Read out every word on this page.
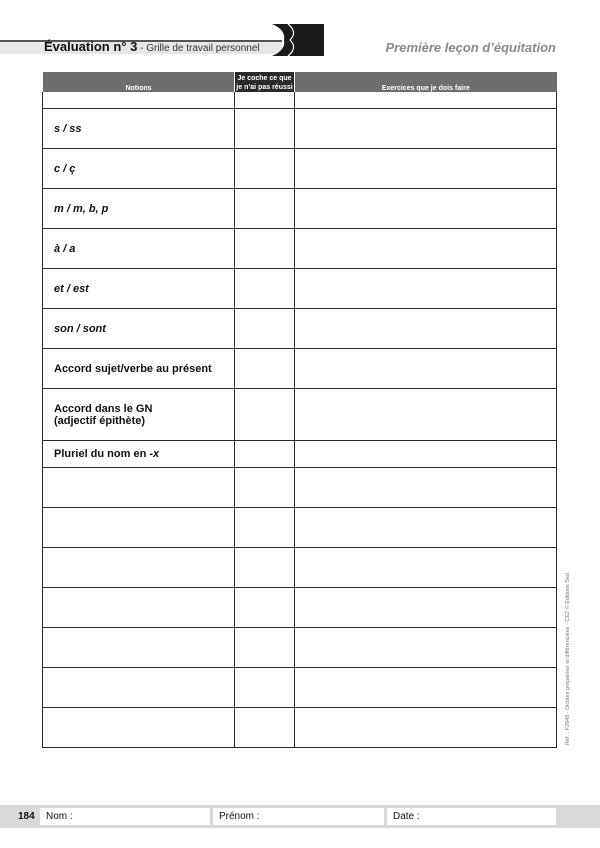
Évaluation n° 3 - Grille de travail personnel	Première leçon d’équitation
Notions	Je coche ce que je n’ai pas réussi	Exercices que je dois faire

s / ss		
c / ç		
m / m, b, p		
à / a		
et / est		
son / sont		
Accord sujet/verbe au présent		
Accord dans le GN
(adjectif épithète)		
Pluriel du nom en -x		

Réf. : F2848 - Dictées préparées et différenciées - CE2 © Éditions Sed
184	Nom :	Prénom :	Date :
